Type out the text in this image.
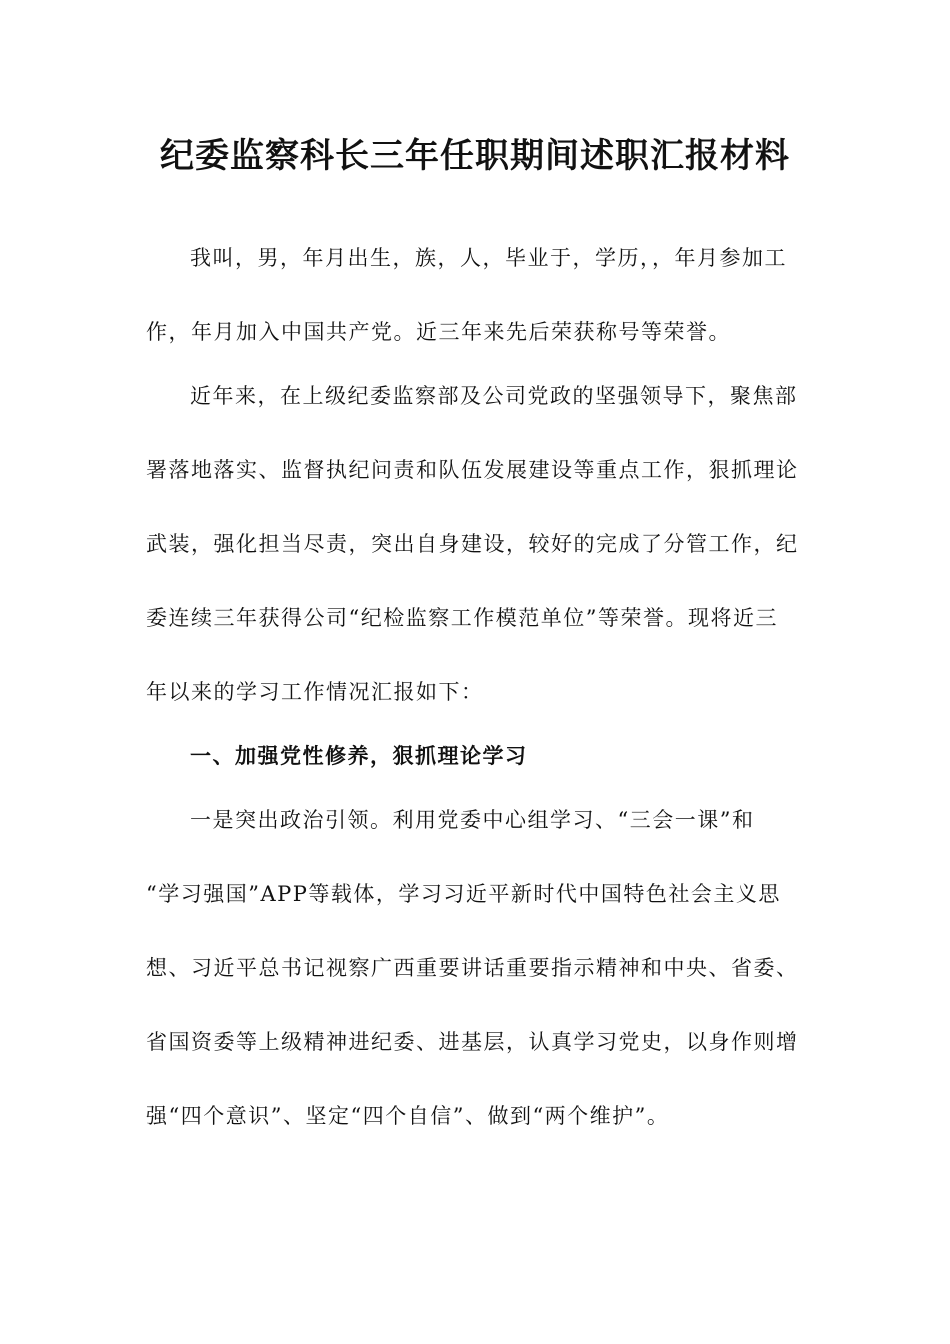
纪委监察科长三年任职期间述职汇报材料
我叫，男，年月出生，族，人，毕业于，学历，，年月参加工
作，年月加入中国共产党。近三年来先后荣获称号等荣誉。
近年来，在上级纪委监察部及公司党政的坚强领导下，聚焦部
署落地落实、监督执纪问责和队伍发展建设等重点工作，狠抓理论
武装，强化担当尽责，突出自身建设，较好的完成了分管工作，纪
委连续三年获得公司“纪检监察工作模范单位”等荣誉。现将近三
年以来的学习工作情况汇报如下：
一、加强党性修养，狠抓理论学习
一是突出政治引领。利用党委中心组学习、“三会一课”和
“学习强国”APP等载体，学习习近平新时代中国特色社会主义思
想、习近平总书记视察广西重要讲话重要指示精神和中央、省委、
省国资委等上级精神进纪委、进基层，认真学习党史，以身作则增
强“四个意识”、坚定“四个自信”、做到“两个维护”。
